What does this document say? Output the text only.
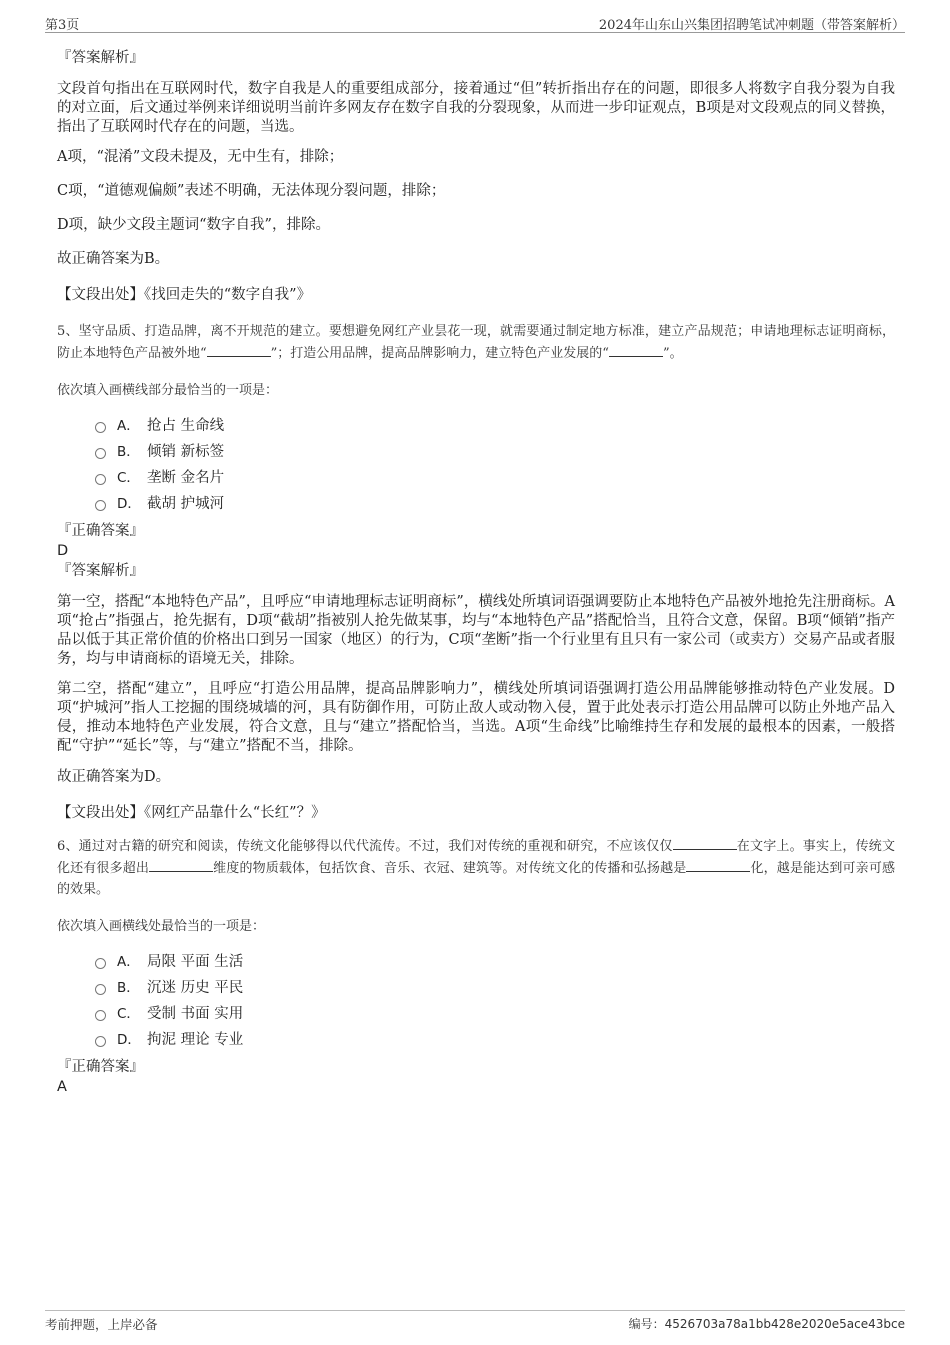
第3页	2024年山东山兴集团招聘笔试冲刺题（带答案解析）

『答案解析』

文段首句指出在互联网时代，数字自我是人的重要组成部分，接着通过“但”转折指出存在的问题，即很多人将数字自我分裂为自我的对立面，后文通过举例来详细说明当前许多网友存在数字自我的分裂现象，从而进一步印证观点，B项是对文段观点的同义替换，指出了互联网时代存在的问题，当选。

A项，“混淆”文段未提及，无中生有，排除；

C项，“道德观偏颇”表述不明确，无法体现分裂问题，排除；

D项，缺少文段主题词“数字自我”，排除。

故正确答案为B。

【文段出处】《找回走失的“数字自我”》

5、坚守品质、打造品牌，离不开规范的建立。要想避免网红产业昙花一现，就需要通过制定地方标准，建立产品规范；申请地理标志证明商标，防止本地特色产品被外地“	”；打造公用品牌，提高品牌影响力，建立特色产业发展的“	”。

依次填入画横线部分最恰当的一项是：

A． 抢占 生命线
B． 倾销 新标签
C． 垄断 金名片
D． 截胡 护城河

『正确答案』

D

『答案解析』

第一空，搭配“本地特色产品”，且呼应“申请地理标志证明商标”，横线处所填词语强调要防止本地特色产品被外地抢先注册商标。A项“抢占”指强占，抢先据有，D项“截胡”指被别人抢先做某事，均与“本地特色产品”搭配恰当，且符合文意，保留。B项“倾销”指产品以低于其正常价值的价格出口到另一国家（地区）的行为，C项“垄断”指一个行业里有且只有一家公司（或卖方）交易产品或者服务，均与申请商标的语境无关，排除。

第二空，搭配“建立”，且呼应“打造公用品牌，提高品牌影响力”，横线处所填词语强调打造公用品牌能够推动特色产业发展。D项“护城河”指人工挖掘的围绕城墙的河，具有防御作用，可防止敌人或动物入侵，置于此处表示打造公用品牌可以防止外地产品入侵，推动本地特色产业发展，符合文意，且与“建立”搭配恰当，当选。A项“生命线”比喻维持生存和发展的最根本的因素，一般搭配“守护”“延长”等，与“建立”搭配不当，排除。

故正确答案为D。

【文段出处】《网红产品靠什么“长红”？》

6、通过对古籍的研究和阅读，传统文化能够得以代代流传。不过，我们对传统的重视和研究，不应该仅仅	在文字上。事实上，传统文化还有很多超出	维度的物质载体，包括饮食、音乐、衣冠、建筑等。对传统文化的传播和弘扬越是	化，越是能达到可亲可感的效果。

依次填入画横线处最恰当的一项是：

A． 局限 平面 生活
B． 沉迷 历史 平民
C． 受制 书面 实用
D． 拘泥 理论 专业

『正确答案』

A

考前押题，上岸必备	编号：4526703a78a1bb428e2020e5ace43bce
